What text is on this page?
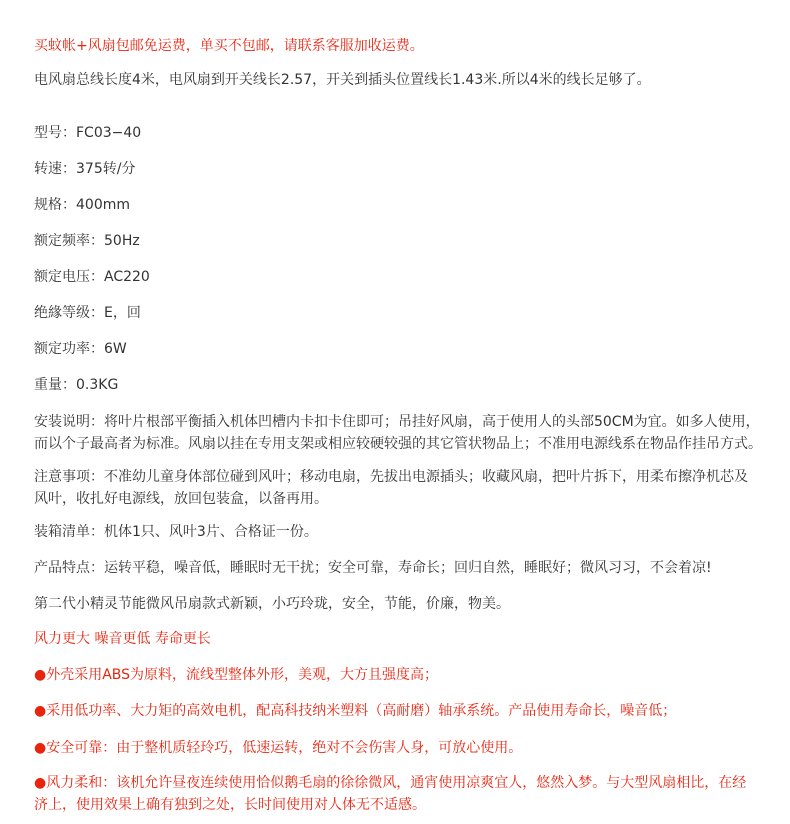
买蚊帐+风扇包邮免运费，单买不包邮，请联系客服加收运费。
电风扇总线长度4米，电风扇到开关线长2.57，开关到插头位置线长1.43米.所以4米的线长足够了。
型号：FC03−40
转速：375转/分
规格：400mm
额定频率：50Hz
额定电压：AC220
绝緣等级：E，回
额定功率：6W
重量：0.3KG
安装说明：将叶片根部平衡插入机体凹槽内卡扣卡住即可；吊挂好风扇，高于使用人的头部50CM为宜。如多人使用，
而以个子最高者为标准。风扇以挂在专用支架或相应较硬较强的其它管状物品上；不准用电源线系在物品作挂吊方式。
注意事项：不准幼儿童身体部位碰到风叶；移动电扇，先拔出电源插头；收藏风扇，把叶片拆下，用柔布擦净机芯及
风叶，收扎好电源线，放回包装盒，以备再用。
装箱清单：机体1只、风叶3片、合格证一份。
产品特点：运转平稳，噪音低，睡眠时无干扰；安全可靠，寿命长；回归自然，睡眠好；微风习习，不会着凉!
第二代小精灵节能微风吊扇款式新颖，小巧玲珑，安全，节能，价廉，物美。
风力更大 噪音更低 寿命更长
●外壳采用ABS为原料，流线型整体外形，美观，大方且强度高；
●采用低功率、大力矩的高效电机，配高科技纳米塑料（高耐磨）轴承系统。产品使用寿命长，噪音低；
●安全可靠：由于整机质轻玲巧，低速运转，绝对不会伤害人身，可放心使用。
●风力柔和：该机允许昼夜连续使用恰似鹅毛扇的徐徐微风，通宵使用凉爽宜人，悠然入梦。与大型风扇相比，在经
济上，使用效果上确有独到之处，长时间使用对人体无不适感。
